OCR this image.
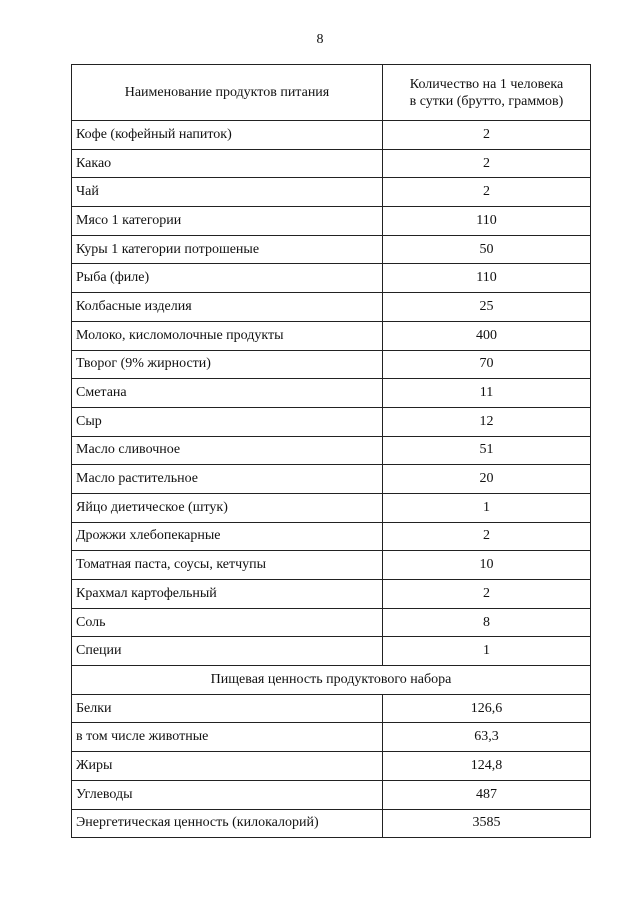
8
Наименование продуктов питания	Количество на 1 человека
в сутки (брутто, граммов)
Кофе (кофейный напиток)	2
Какао	2
Чай	2
Мясо 1 категории	110
Куры 1 категории потрошеные	50
Рыба (филе)	110
Колбасные изделия	25
Молоко, кисломолочные продукты	400
Творог (9% жирности)	70
Сметана	11
Сыр	12
Масло сливочное	51
Масло растительное	20
Яйцо диетическое (штук)	1
Дрожжи хлебопекарные	2
Томатная паста, соусы, кетчупы	10
Крахмал картофельный	2
Соль	8
Специи	1
Пищевая ценность продуктового набора	
Белки	126,6
в том числе животные	63,3
Жиры	124,8
Углеводы	487
Энергетическая ценность (килокалорий)	3585
